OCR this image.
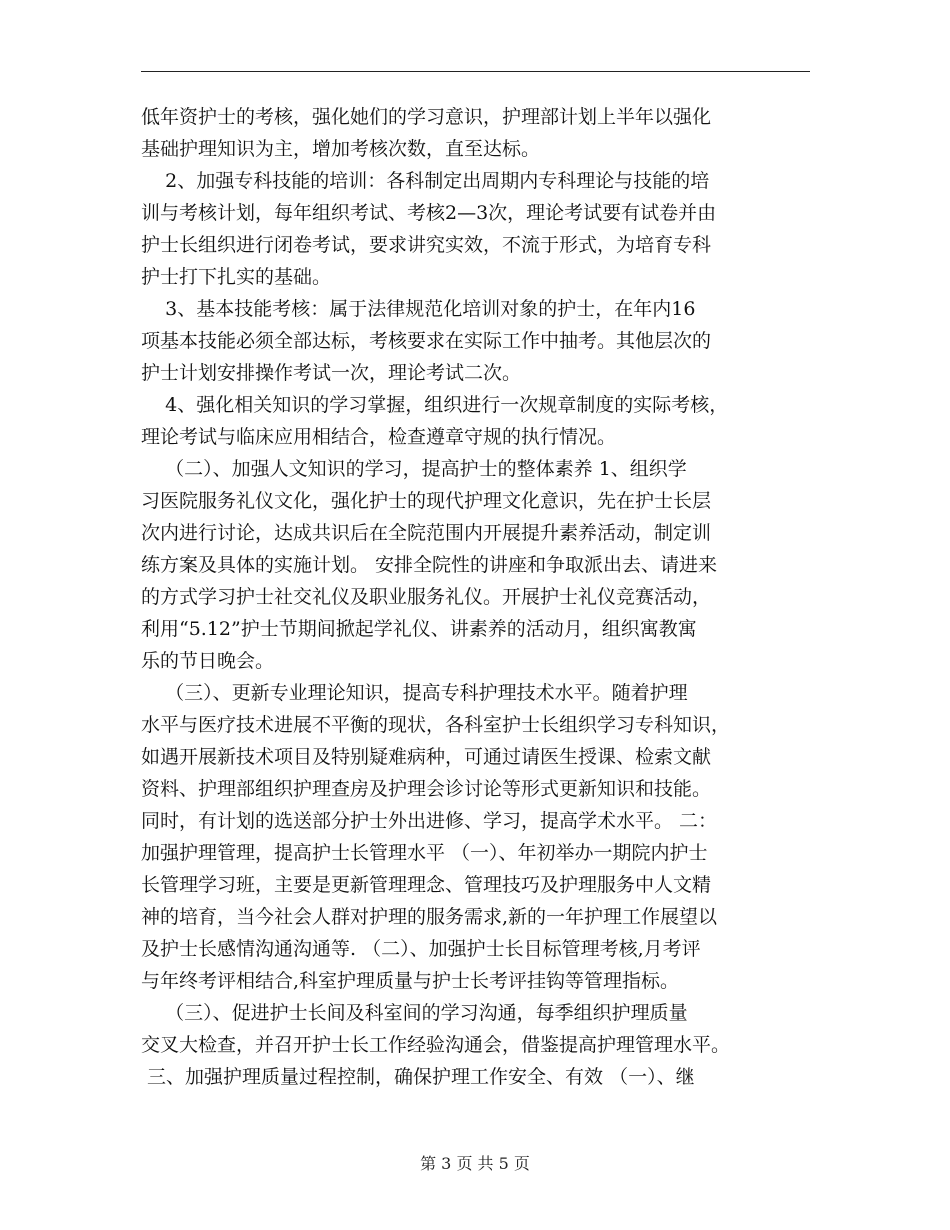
低年资护士的考核，强化她们的学习意识，护理部计划上半年以强化
基础护理知识为主，增加考核次数，直至达标。
2、加强专科技能的培训：各科制定出周期内专科理论与技能的培
训与考核计划，每年组织考试、考核2—3次，理论考试要有试卷并由
护士长组织进行闭卷考试，要求讲究实效，不流于形式，为培育专科
护士打下扎实的基础。
3、基本技能考核：属于法律规范化培训对象的护士，在年内16
项基本技能必须全部达标，考核要求在实际工作中抽考。其他层次的
护士计划安排操作考试一次，理论考试二次。
4、强化相关知识的学习掌握，组织进行一次规章制度的实际考核，
理论考试与临床应用相结合，检查遵章守规的执行情况。
（二）、加强人文知识的学习，提高护士的整体素养 1、组织学
习医院服务礼仪文化，强化护士的现代护理文化意识，先在护士长层
次内进行讨论，达成共识后在全院范围内开展提升素养活动，制定训
练方案及具体的实施计划。 安排全院性的讲座和争取派出去、请进来
的方式学习护士社交礼仪及职业服务礼仪。开展护士礼仪竞赛活动，
利用“5.12”护士节期间掀起学礼仪、讲素养的活动月，组织寓教寓
乐的节日晚会。
（三）、更新专业理论知识，提高专科护理技术水平。随着护理
水平与医疗技术进展不平衡的现状，各科室护士长组织学习专科知识，
如遇开展新技术项目及特别疑难病种，可通过请医生授课、检索文献
资料、护理部组织护理查房及护理会诊讨论等形式更新知识和技能。
同时，有计划的选送部分护士外出进修、学习，提高学术水平。 二：
加强护理管理，提高护士长管理水平 （一）、年初举办一期院内护士
长管理学习班，主要是更新管理理念、管理技巧及护理服务中人文精
神的培育，当今社会人群对护理的服务需求,新的一年护理工作展望以
及护士长感情沟通沟通等. （二）、加强护士长目标管理考核,月考评
与年终考评相结合,科室护理质量与护士长考评挂钩等管理指标。
（三）、促进护士长间及科室间的学习沟通，每季组织护理质量
交叉大检查，并召开护士长工作经验沟通会，借鉴提高护理管理水平。
三、加强护理质量过程控制，确保护理工作安全、有效 （一）、继
第 3 页 共 5 页
